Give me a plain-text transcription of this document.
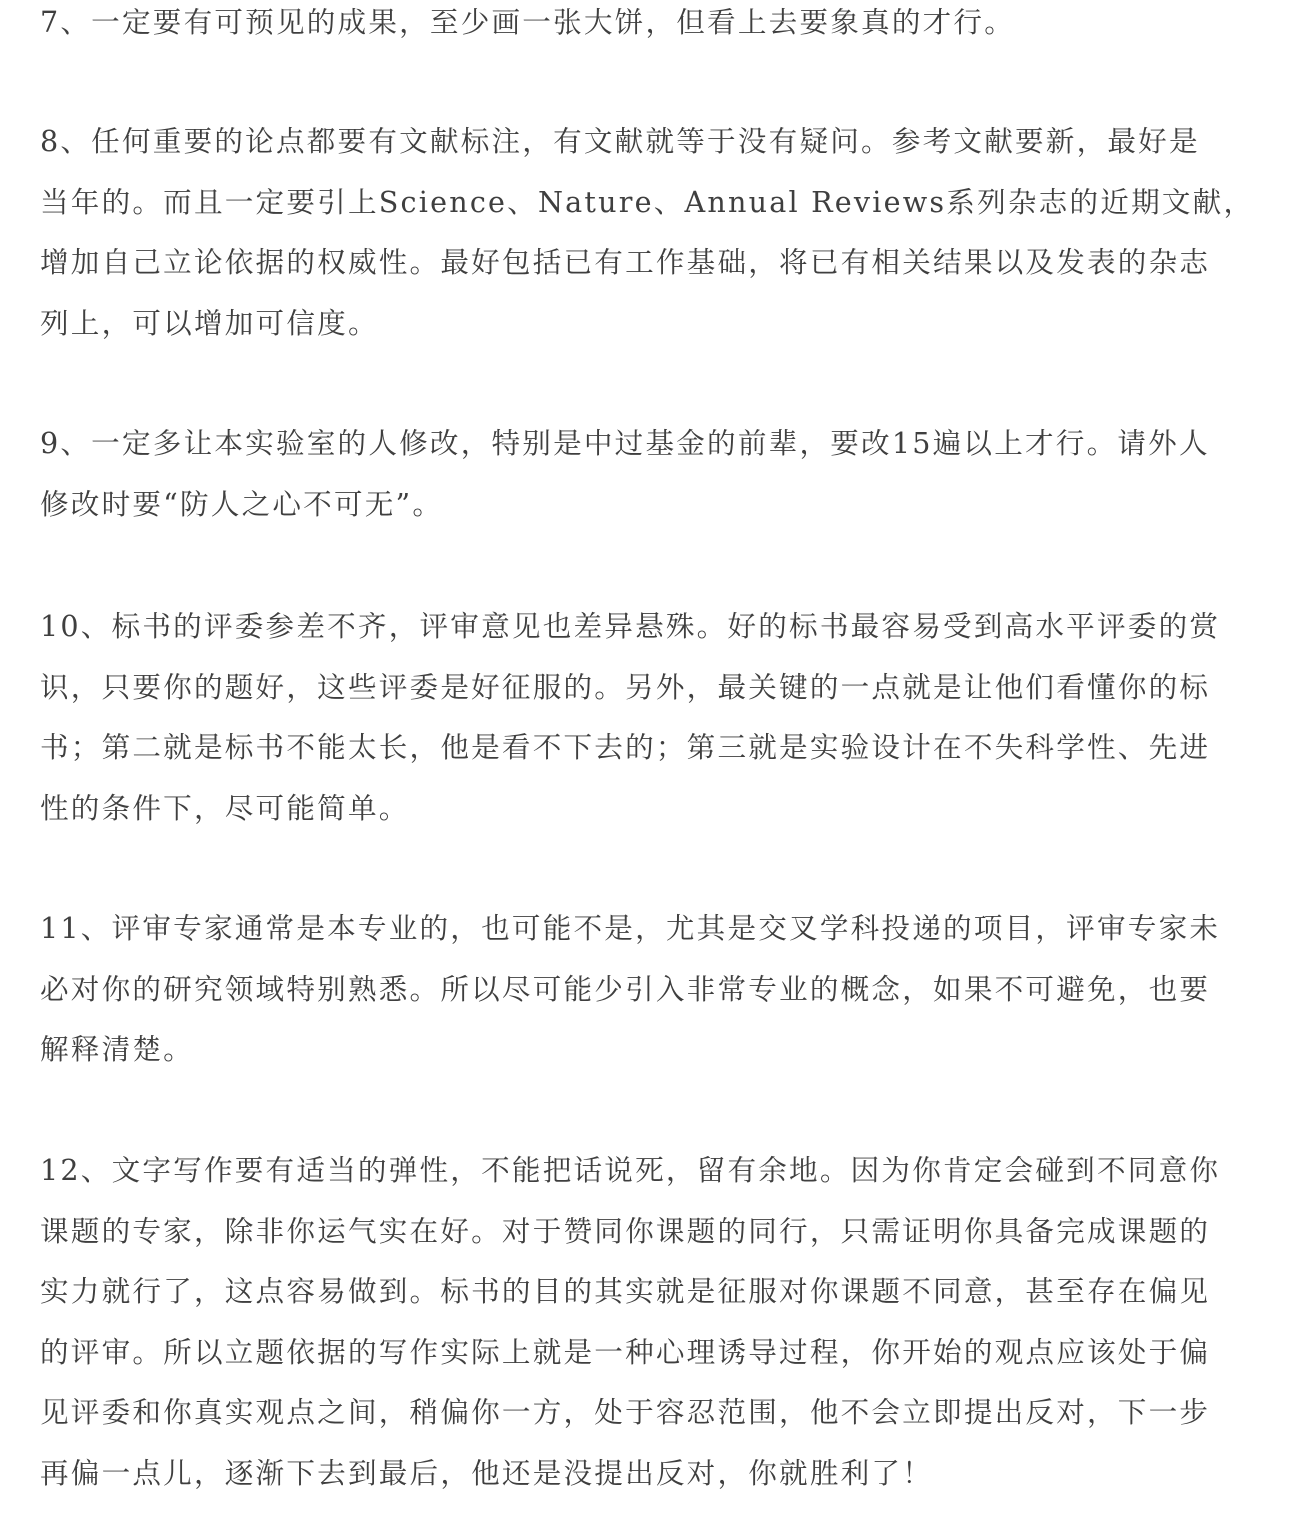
7、一定要有可预见的成果，至少画一张大饼，但看上去要象真的才行。

8、任何重要的论点都要有文献标注，有文献就等于没有疑问。参考文献要新，最好是
当年的。而且一定要引上Science、Nature、Annual Reviews系列杂志的近期文献，
增加自己立论依据的权威性。最好包括已有工作基础，将已有相关结果以及发表的杂志
列上，可以增加可信度。

9、一定多让本实验室的人修改，特别是中过基金的前辈，要改15遍以上才行。请外人
修改时要“防人之心不可无”。

10、标书的评委参差不齐，评审意见也差异悬殊。好的标书最容易受到高水平评委的赏
识，只要你的题好，这些评委是好征服的。另外，最关键的一点就是让他们看懂你的标
书；第二就是标书不能太长，他是看不下去的；第三就是实验设计在不失科学性、先进
性的条件下，尽可能简单。

11、评审专家通常是本专业的，也可能不是，尤其是交叉学科投递的项目，评审专家未
必对你的研究领域特别熟悉。所以尽可能少引入非常专业的概念，如果不可避免，也要
解释清楚。

12、文字写作要有适当的弹性，不能把话说死，留有余地。因为你肯定会碰到不同意你
课题的专家，除非你运气实在好。对于赞同你课题的同行，只需证明你具备完成课题的
实力就行了，这点容易做到。标书的目的其实就是征服对你课题不同意，甚至存在偏见
的评审。所以立题依据的写作实际上就是一种心理诱导过程，你开始的观点应该处于偏
见评委和你真实观点之间，稍偏你一方，处于容忍范围，他不会立即提出反对，下一步
再偏一点儿，逐渐下去到最后，他还是没提出反对，你就胜利了！
